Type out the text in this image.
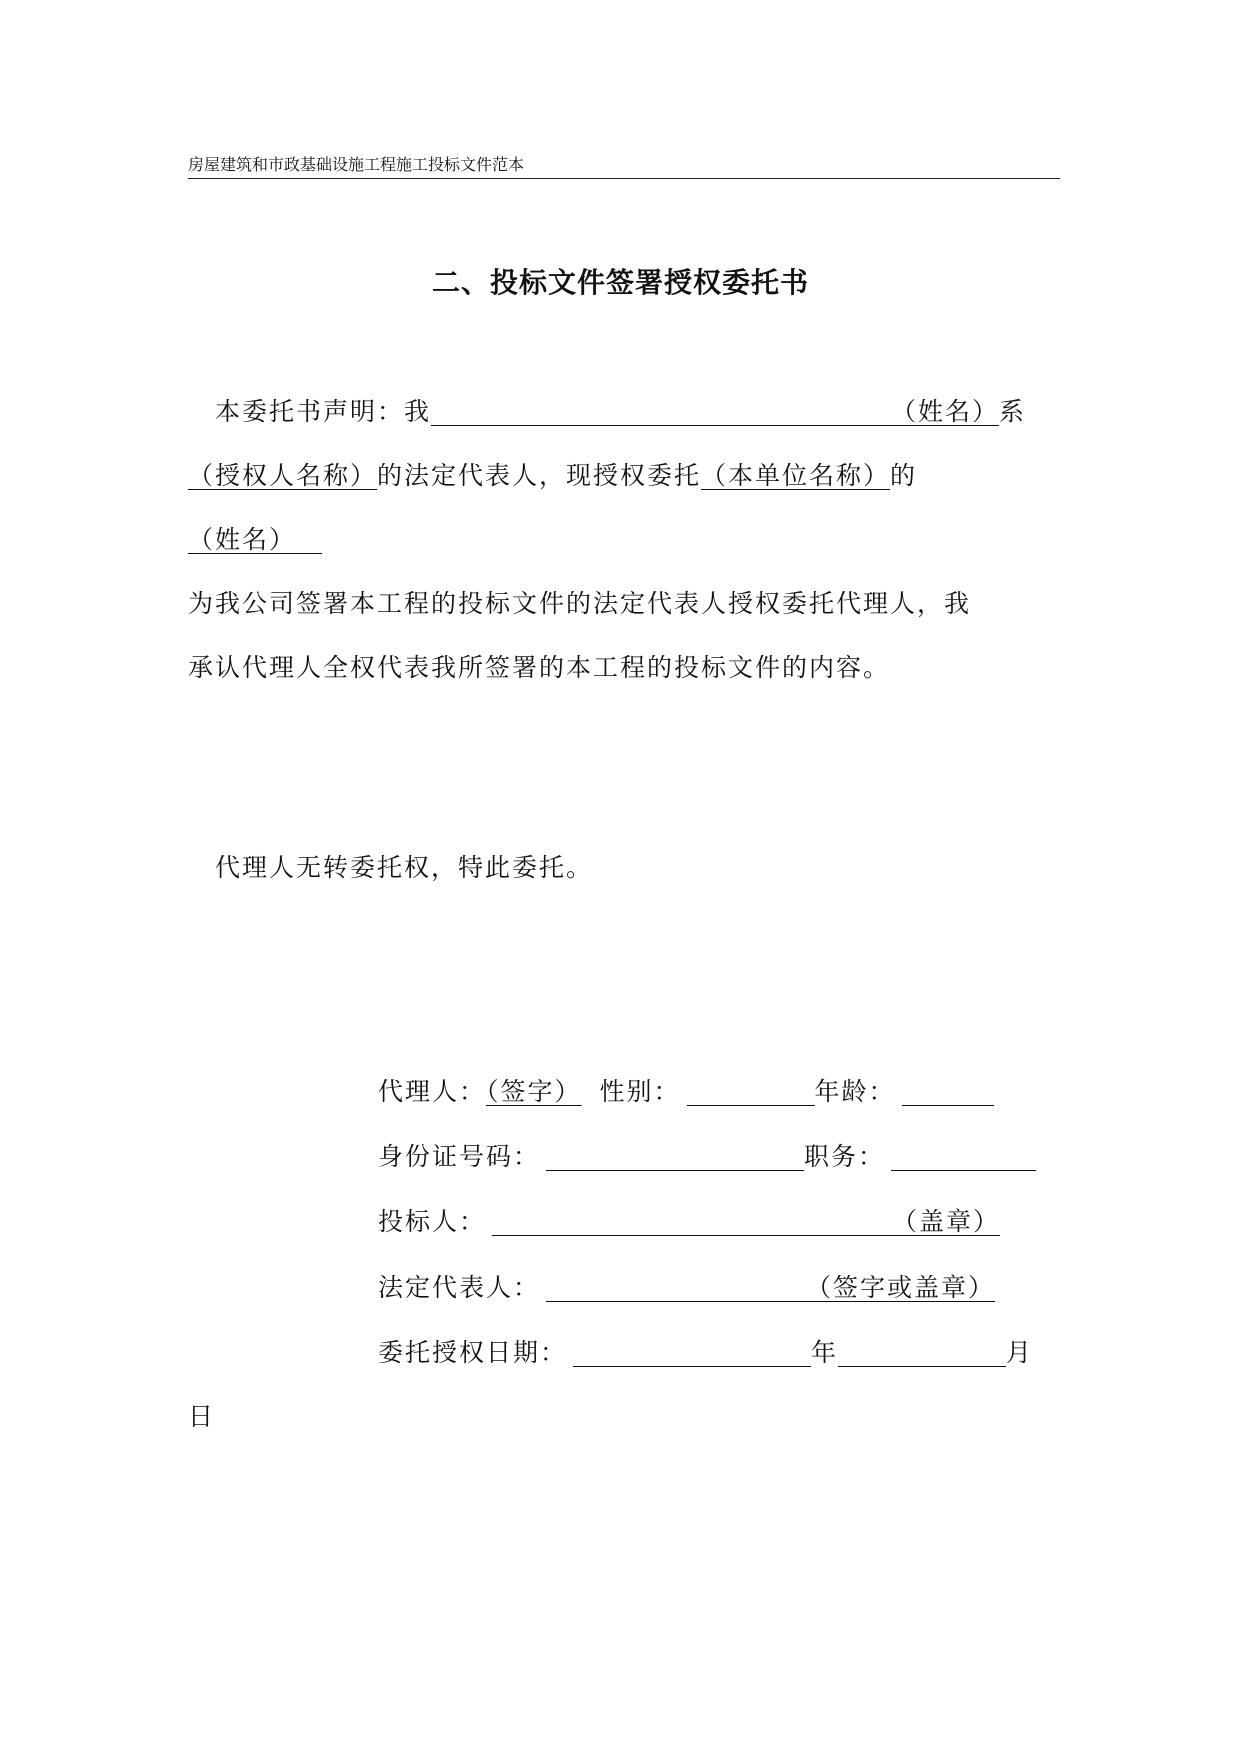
房屋建筑和市政基础设施工程施工投标文件范本
二、投标文件签署授权委托书
本委托书声明：我	（姓名）系
（授权人名称）的法定代表人，现授权委托（本单位名称）的
（姓名）
为我公司签署本工程的投标文件的法定代表人授权委托代理人，我
承认代理人全权代表我所签署的本工程的投标文件的内容。
代理人无转委托权，特此委托。
代理人：（签字） 性别：	年龄：
身份证号码：	职务：
投标人：	（盖章）
法定代表人：	（签字或盖章）
委托授权日期：	年	月
日
